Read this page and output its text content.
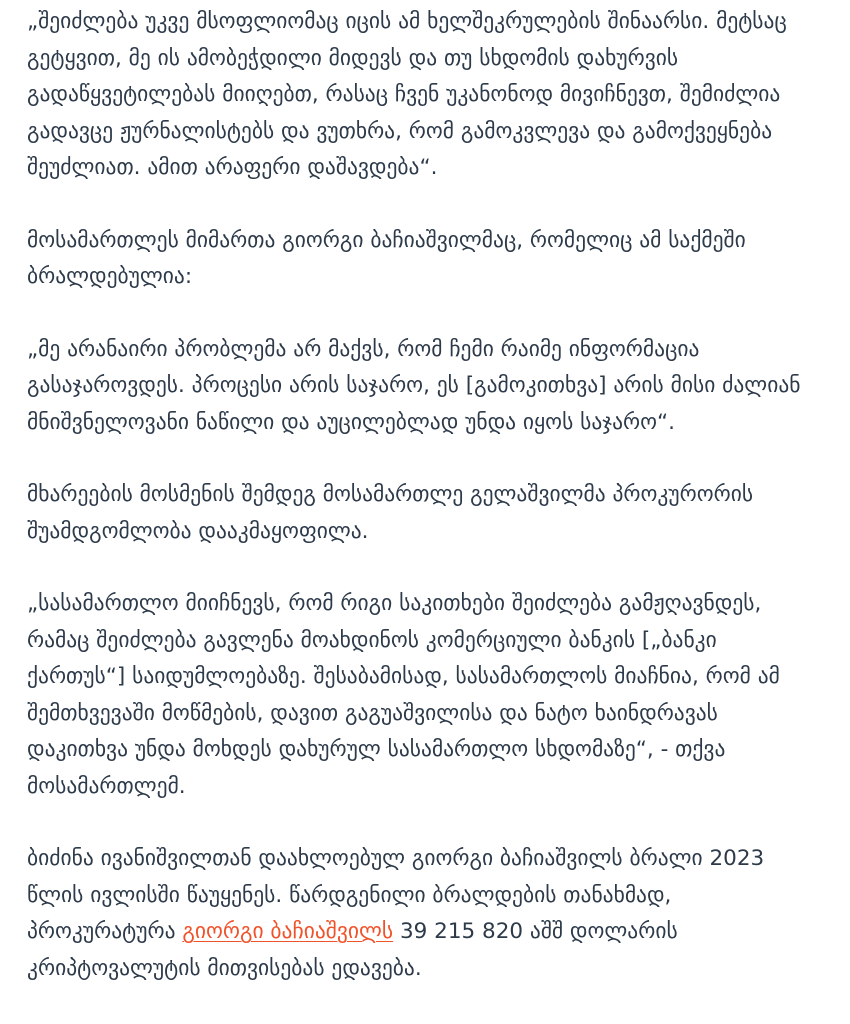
„შეიძლება უკვე მსოფლიომაც იცის ამ ხელშეკრულების შინაარსი. მეტსაც
გეტყვით, მე ის ამობეჭდილი მიდევს და თუ სხდომის დახურვის
გადაწყვეტილებას მიიღებთ, რასაც ჩვენ უკანონოდ მივიჩნევთ, შემიძლია
გადავცე ჟურნალისტებს და ვუთხრა, რომ გამოკვლევა და გამოქვეყნება
შეუძლიათ. ამით არაფერი დაშავდება“.

მოსამართლეს მიმართა გიორგი ბაჩიაშვილმაც, რომელიც ამ საქმეში
ბრალდებულია:

„მე არანაირი პრობლემა არ მაქვს, რომ ჩემი რაიმე ინფორმაცია
გასაჯაროვდეს. პროცესი არის საჯარო, ეს [გამოკითხვა] არის მისი ძალიან
მნიშვნელოვანი ნაწილი და აუცილებლად უნდა იყოს საჯარო“.

მხარეების მოსმენის შემდეგ მოსამართლე გელაშვილმა პროკურორის
შუამდგომლობა დააკმაყოფილა.

„სასამართლო მიიჩნევს, რომ რიგი საკითხები შეიძლება გამჟღავნდეს,
რამაც შეიძლება გავლენა მოახდინოს კომერციული ბანკის [„ბანკი
ქართუს“] საიდუმლოებაზე. შესაბამისად, სასამართლოს მიაჩნია, რომ ამ
შემთხვევაში მოწმების, დავით გაგუაშვილისა და ნატო ხაინდრავას
დაკითხვა უნდა მოხდეს დახურულ სასამართლო სხდომაზე“, - თქვა
მოსამართლემ.

ბიძინა ივანიშვილთან დაახლოებულ გიორგი ბაჩიაშვილს ბრალი 2023
წლის ივლისში წაუყენეს. წარდგენილი ბრალდების თანახმად,
პროკურატურა გიორგი ბაჩიაშვილს 39 215 820 აშშ დოლარის
კრიპტოვალუტის მითვისებას ედავება.
